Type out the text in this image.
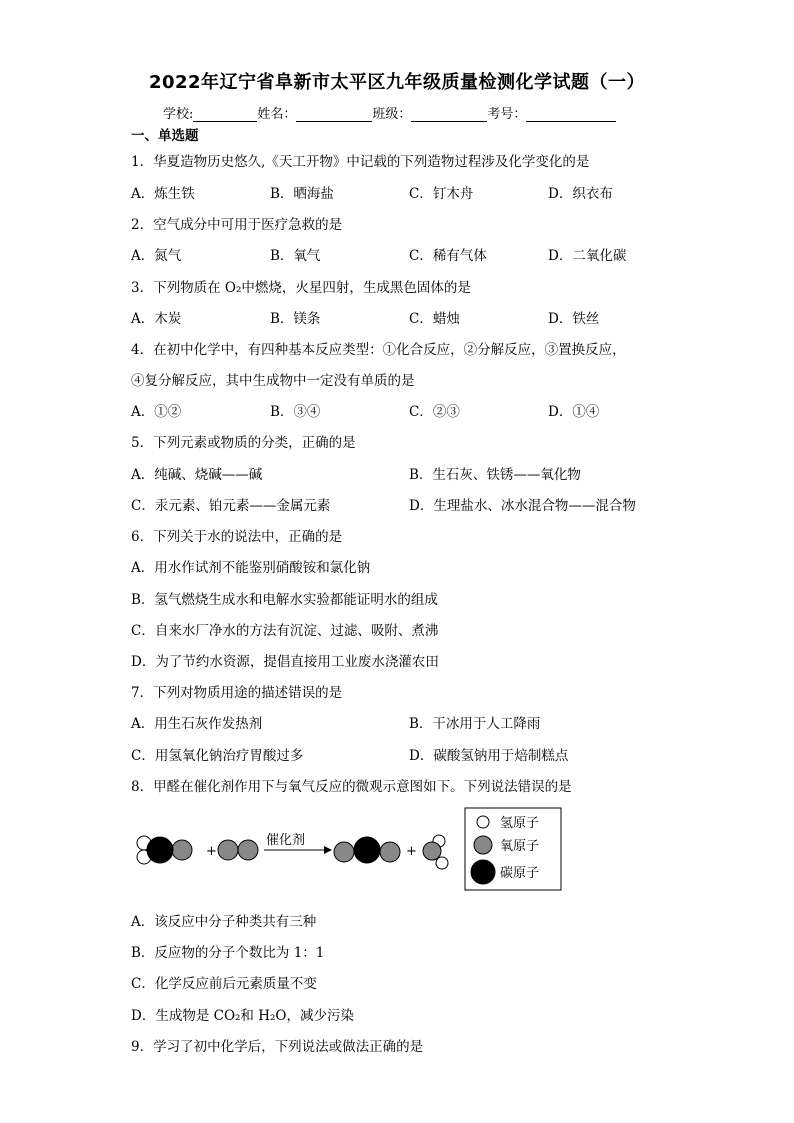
2022年辽宁省阜新市太平区九年级质量检测化学试题（一）
学校:	姓名：	班级：	考号：
一、单选题
1．华夏造物历史悠久,《天工开物》中记载的下列造物过程涉及化学变化的是
A．炼生铁	B．晒海盐	C．钉木舟	D．织衣布
2．空气成分中可用于医疗急救的是
A．氮气	B．氧气	C．稀有气体	D．二氧化碳
3．下列物质在 O₂中燃烧，火星四射，生成黑色固体的是
A．木炭	B．镁条	C．蜡烛	D．铁丝
4．在初中化学中，有四种基本反应类型：①化合反应，②分解反应，③置换反应，
④复分解反应，其中生成物中一定没有单质的是
A．①②	B．③④	C．②③	D．①④
5．下列元素或物质的分类，正确的是
A．纯碱、烧碱——碱	B．生石灰、铁锈——氧化物
C．汞元素、铂元素——金属元素	D．生理盐水、冰水混合物——混合物
6．下列关于水的说法中，正确的是
A．用水作试剂不能鉴别硝酸铵和氯化钠
B．氢气燃烧生成水和电解水实验都能证明水的组成
C．自来水厂净水的方法有沉淀、过滤、吸附、煮沸
D．为了节约水资源，提倡直接用工业废水浇灌农田
7．下列对物质用途的描述错误的是
A．用生石灰作发热剂	B．干冰用于人工降雨
C．用氢氧化钠治疗胃酸过多	D．碳酸氢钠用于焙制糕点
8．甲醛在催化剂作用下与氧气反应的微观示意图如下。下列说法错误的是
+
催化剂
+
氢原子
氧原子
碳原子
A．该反应中分子种类共有三种
B．反应物的分子个数比为 1：1
C．化学反应前后元素质量不变
D．生成物是 CO₂和 H₂O，减少污染
9．学习了初中化学后，下列说法或做法正确的是
